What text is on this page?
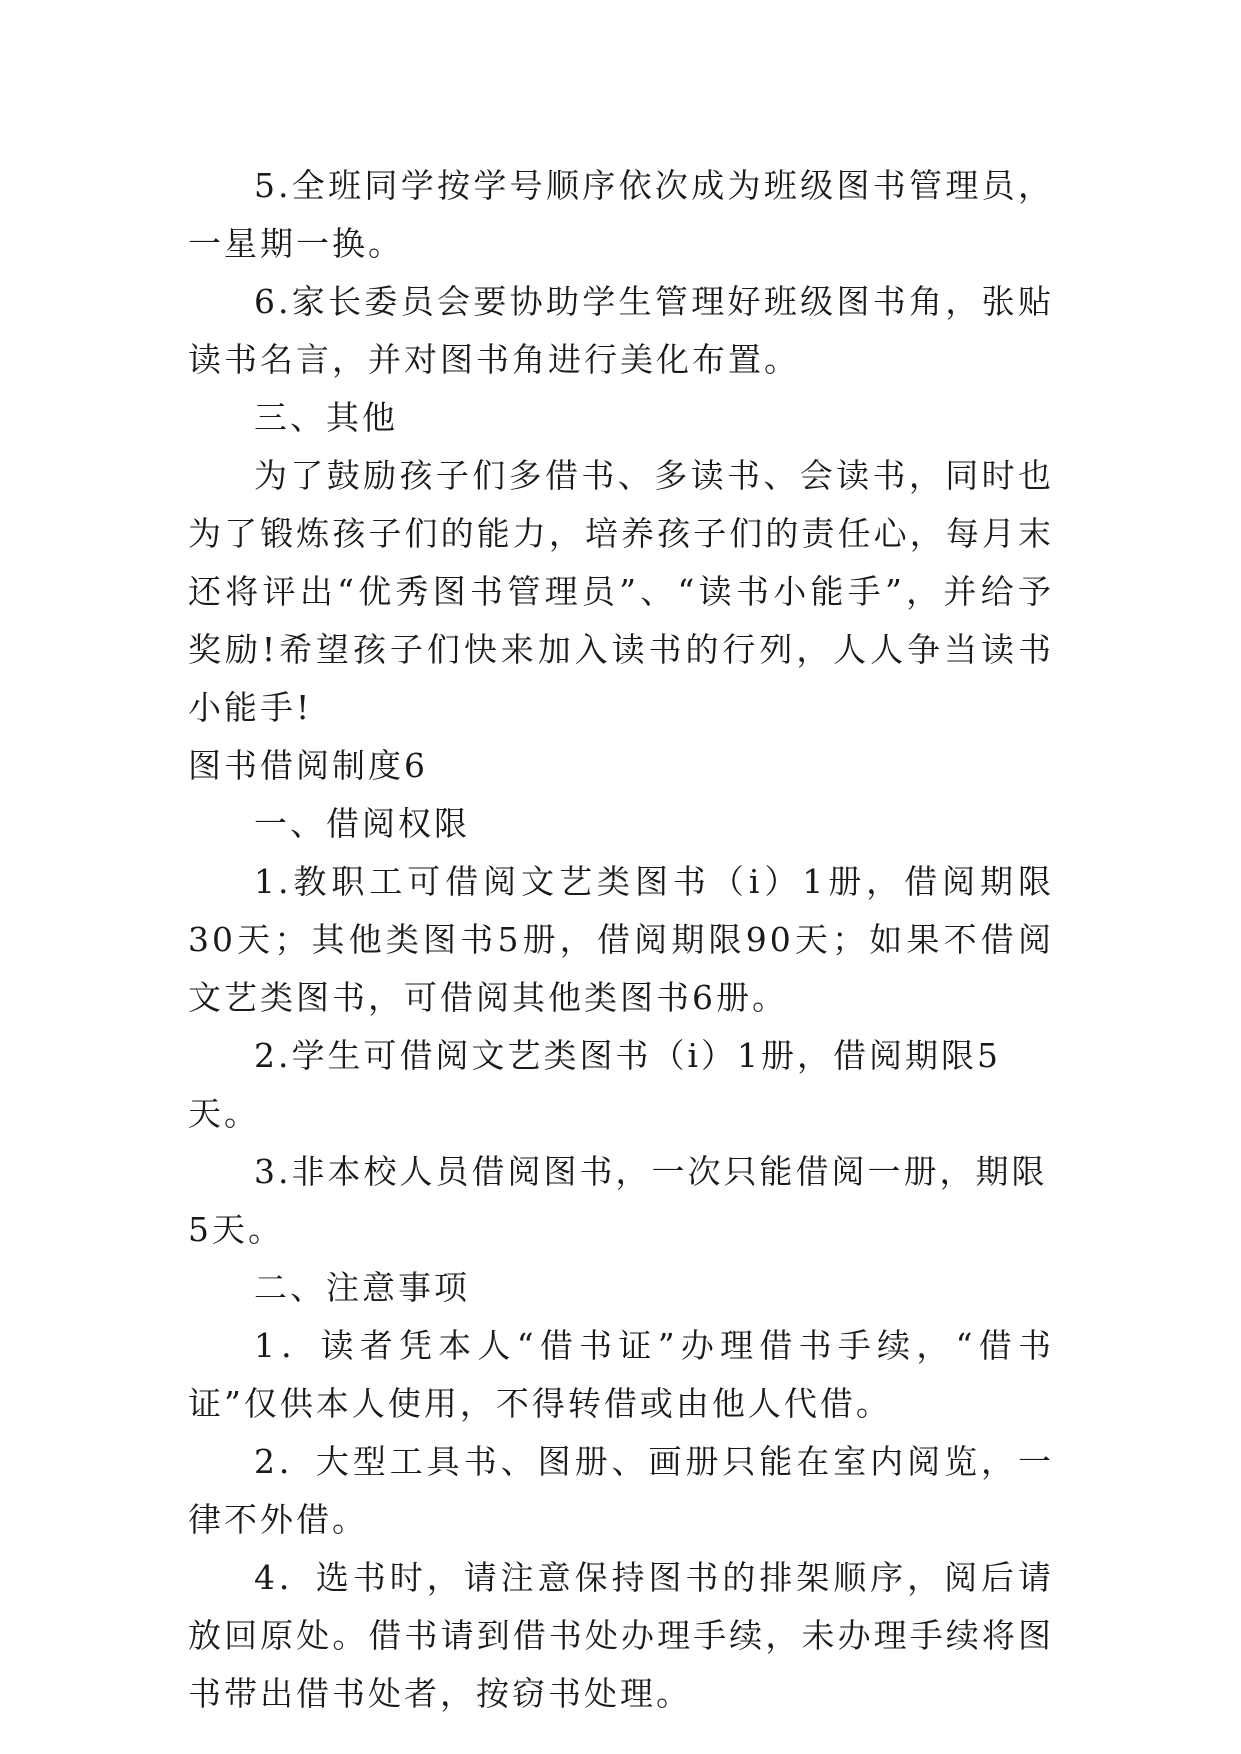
5.全班同学按学号顺序依次成为班级图书管理员，一星期一换。

6.家长委员会要协助学生管理好班级图书角，张贴读书名言，并对图书角进行美化布置。

三、其他

为了鼓励孩子们多借书、多读书、会读书，同时也为了锻炼孩子们的能力，培养孩子们的责任心，每月末还将评出“优秀图书管理员”、“读书小能手”，并给予奖励!希望孩子们快来加入读书的行列，人人争当读书小能手!

图书借阅制度6

一、借阅权限

1.教职工可借阅文艺类图书（i）1册，借阅期限30天；其他类图书5册，借阅期限90天；如果不借阅文艺类图书，可借阅其他类图书6册。

2.学生可借阅文艺类图书（i）1册，借阅期限5天。

3.非本校人员借阅图书，一次只能借阅一册，期限5天。

二、注意事项

1．读者凭本人“借书证”办理借书手续，“借书证”仅供本人使用，不得转借或由他人代借。

2．大型工具书、图册、画册只能在室内阅览，一律不外借。

4．选书时，请注意保持图书的排架顺序，阅后请放回原处。借书请到借书处办理手续，未办理手续将图书带出借书处者，按窃书处理。
